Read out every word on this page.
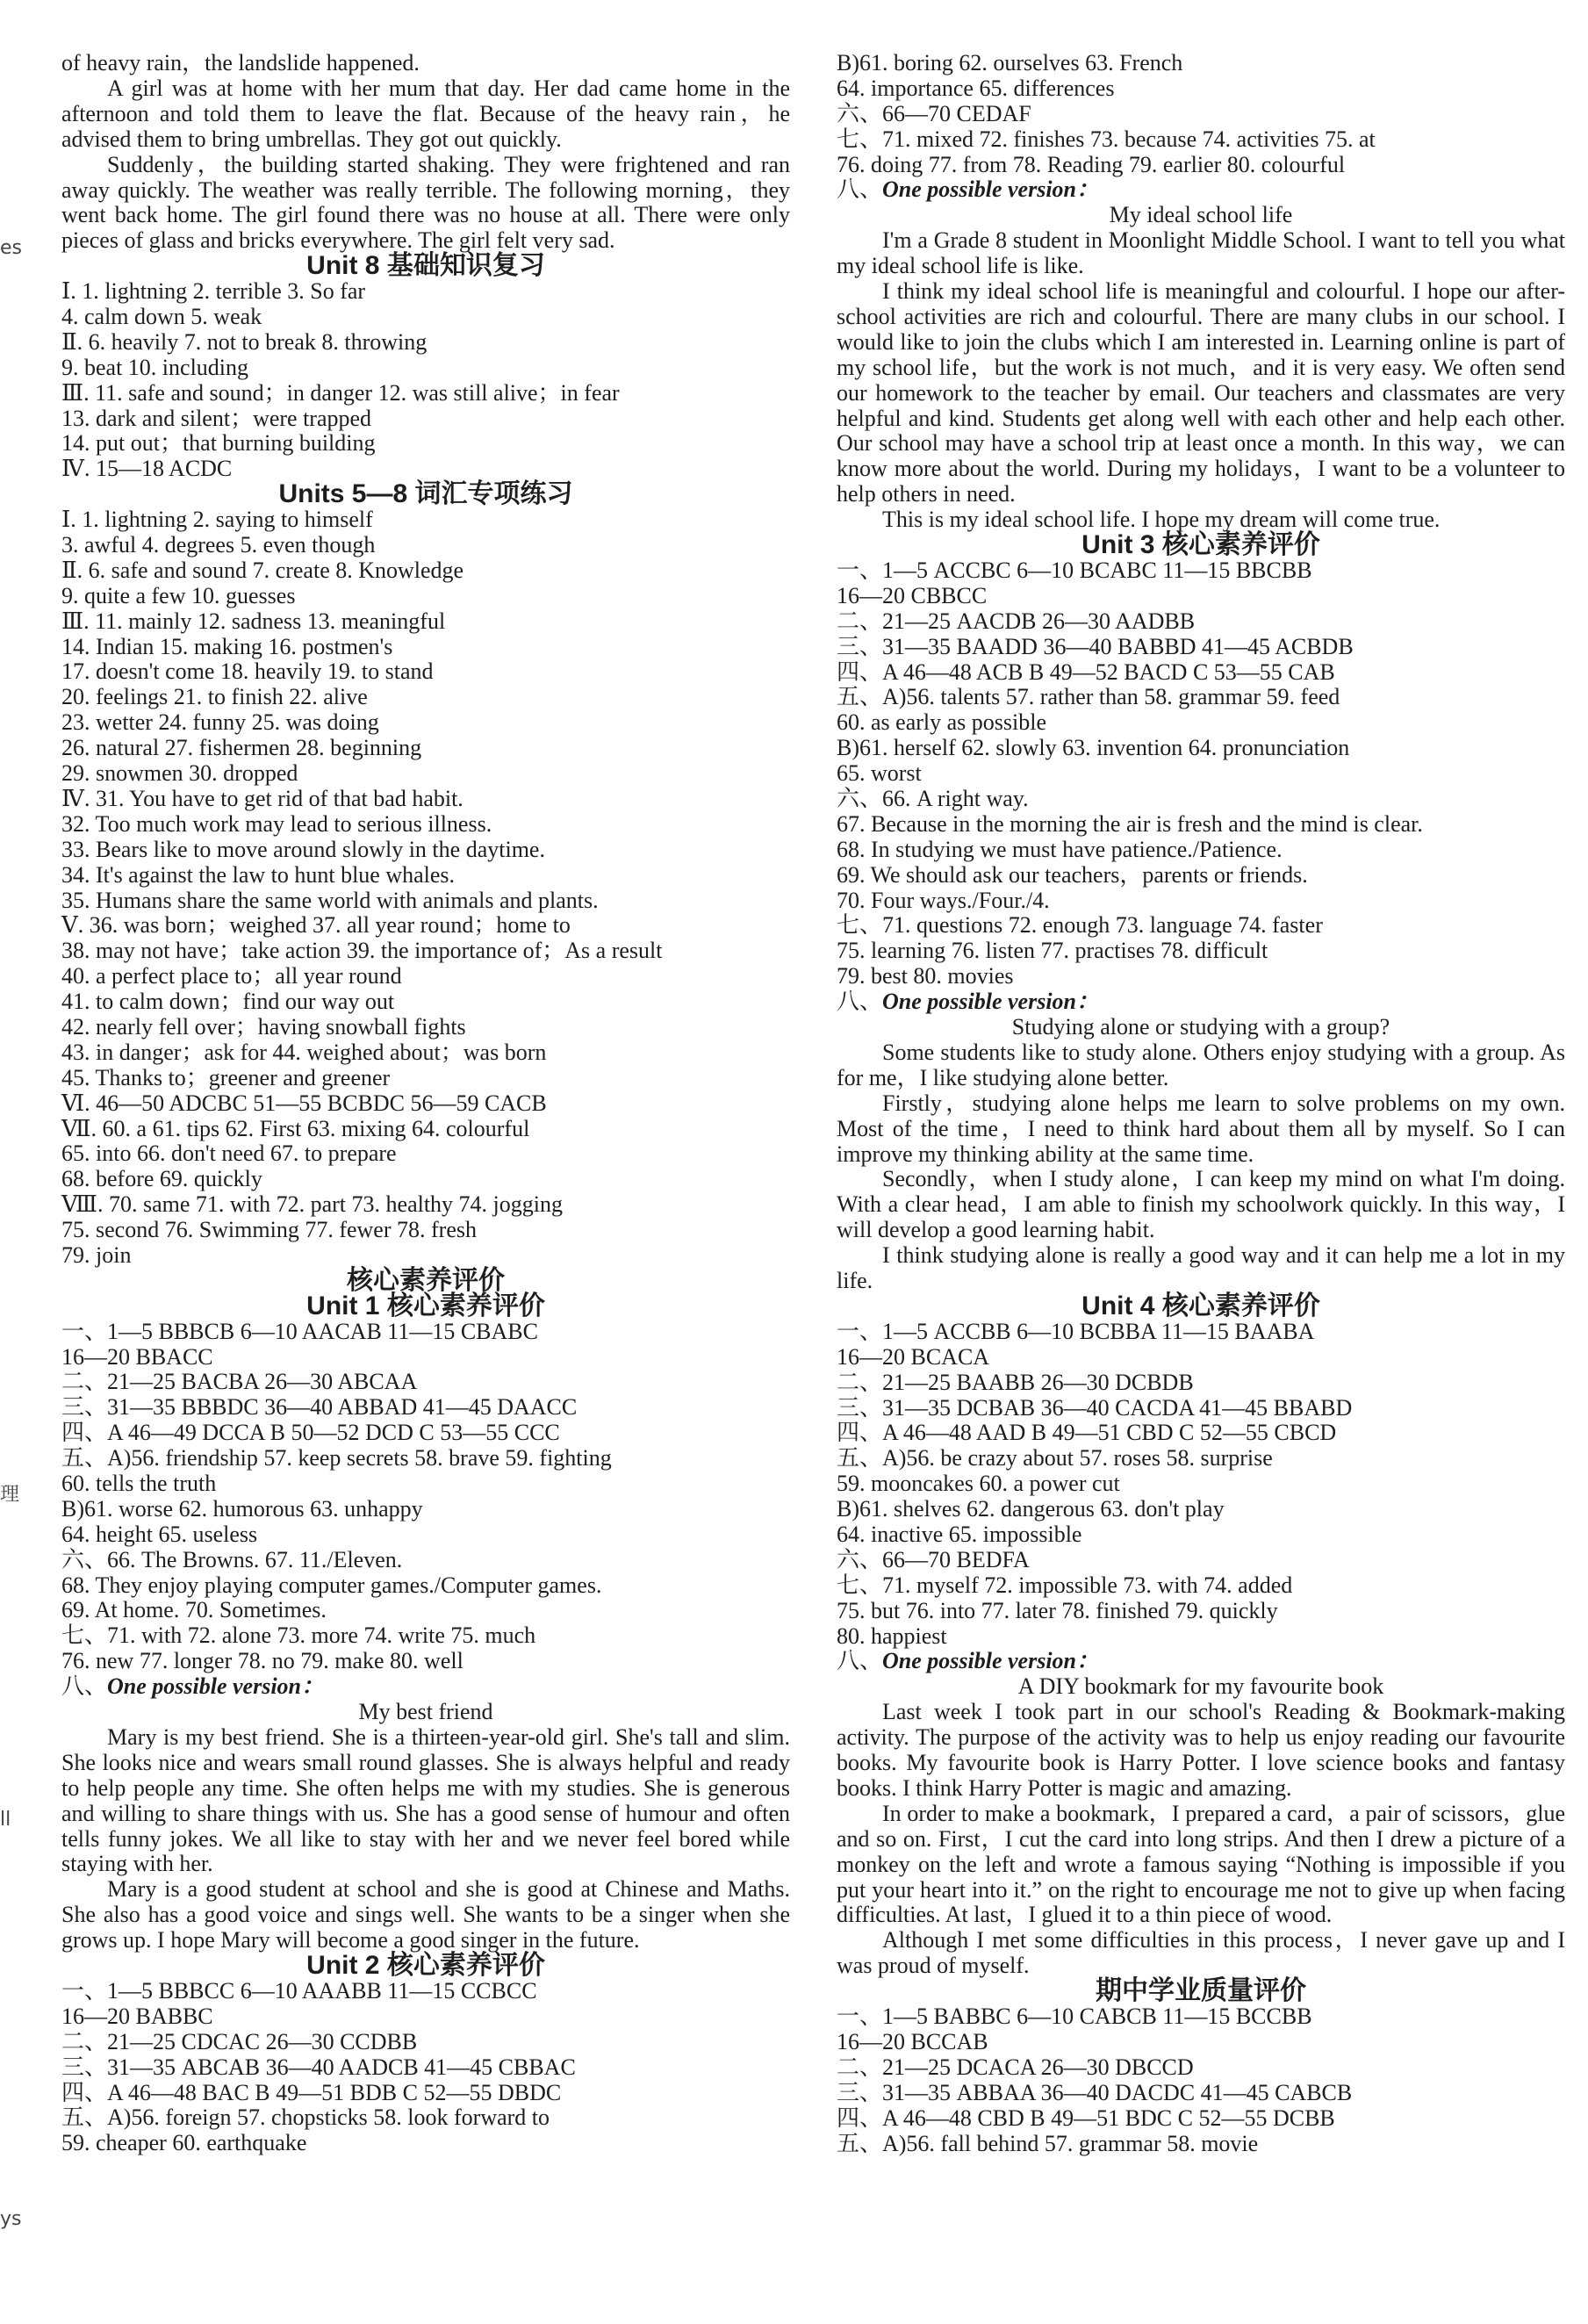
es
理
ll
ys
of heavy rain，the landslide happened.
A girl was at home with her mum that day. Her dad came home in the afternoon and told them to leave the flat. Because of the heavy rain，he advised them to bring umbrellas. They got out quickly.
Suddenly，the building started shaking. They were frightened and ran away quickly. The weather was really terrible. The following morning，they went back home. The girl found there was no house at all. There were only pieces of glass and bricks everywhere. The girl felt very sad.
Unit 8 基础知识复习
Ⅰ. 1. lightning 2. terrible 3. So far
4. calm down 5. weak
Ⅱ. 6. heavily 7. not to break 8. throwing
9. beat 10. including
Ⅲ. 11. safe and sound；in danger 12. was still alive；in fear
13. dark and silent；were trapped
14. put out；that burning building
Ⅳ. 15—18 ACDC
Units 5—8 词汇专项练习
Ⅰ. 1. lightning 2. saying to himself
3. awful 4. degrees 5. even though
Ⅱ. 6. safe and sound 7. create 8. Knowledge
9. quite a few 10. guesses
Ⅲ. 11. mainly 12. sadness 13. meaningful
14. Indian 15. making 16. postmen's
17. doesn't come 18. heavily 19. to stand
20. feelings 21. to finish 22. alive
23. wetter 24. funny 25. was doing
26. natural 27. fishermen 28. beginning
29. snowmen 30. dropped
Ⅳ. 31. You have to get rid of that bad habit.
32. Too much work may lead to serious illness.
33. Bears like to move around slowly in the daytime.
34. It's against the law to hunt blue whales.
35. Humans share the same world with animals and plants.
Ⅴ. 36. was born；weighed 37. all year round；home to
38. may not have；take action 39. the importance of；As a result
40. a perfect place to；all year round
41. to calm down；find our way out
42. nearly fell over；having snowball fights
43. in danger；ask for 44. weighed about；was born
45. Thanks to；greener and greener
Ⅵ. 46—50 ADCBC 51—55 BCBDC 56—59 CACB
Ⅶ. 60. a 61. tips 62. First 63. mixing 64. colourful
65. into 66. don't need 67. to prepare
68. before 69. quickly
Ⅷ. 70. same 71. with 72. part 73. healthy 74. jogging
75. second 76. Swimming 77. fewer 78. fresh
79. join
核心素养评价
Unit 1 核心素养评价
一、1—5 BBBCB 6—10 AACAB 11—15 CBABC
16—20 BBACC
二、21—25 BACBA 26—30 ABCAA
三、31—35 BBBDC 36—40 ABBAD 41—45 DAACC
四、A 46—49 DCCA B 50—52 DCD C 53—55 CCC
五、A)56. friendship 57. keep secrets 58. brave 59. fighting
60. tells the truth
B)61. worse 62. humorous 63. unhappy
64. height 65. useless
六、66. The Browns. 67. 11./Eleven.
68. They enjoy playing computer games./Computer games.
69. At home. 70. Sometimes.
七、71. with 72. alone 73. more 74. write 75. much
76. new 77. longer 78. no 79. make 80. well
八、One possible version：
My best friend
Mary is my best friend. She is a thirteen-year-old girl. She's tall and slim. She looks nice and wears small round glasses. She is always helpful and ready to help people any time. She often helps me with my studies. She is generous and willing to share things with us. She has a good sense of humour and often tells funny jokes. We all like to stay with her and we never feel bored while staying with her.
Mary is a good student at school and she is good at Chinese and Maths. She also has a good voice and sings well. She wants to be a singer when she grows up. I hope Mary will become a good singer in the future.
Unit 2 核心素养评价
一、1—5 BBBCC 6—10 AAABB 11—15 CCBCC
16—20 BABBC
二、21—25 CDCAC 26—30 CCDBB
三、31—35 ABCAB 36—40 AADCB 41—45 CBBAC
四、A 46—48 BAC B 49—51 BDB C 52—55 DBDC
五、A)56. foreign 57. chopsticks 58. look forward to
59. cheaper 60. earthquake
B)61. boring 62. ourselves 63. French
64. importance 65. differences
六、66—70 CEDAF
七、71. mixed 72. finishes 73. because 74. activities 75. at
76. doing 77. from 78. Reading 79. earlier 80. colourful
八、One possible version：
My ideal school life
I'm a Grade 8 student in Moonlight Middle School. I want to tell you what my ideal school life is like.
I think my ideal school life is meaningful and colourful. I hope our after-school activities are rich and colourful. There are many clubs in our school. I would like to join the clubs which I am interested in. Learning online is part of my school life，but the work is not much，and it is very easy. We often send our homework to the teacher by email. Our teachers and classmates are very helpful and kind. Students get along well with each other and help each other. Our school may have a school trip at least once a month. In this way，we can know more about the world. During my holidays，I want to be a volunteer to help others in need.
This is my ideal school life. I hope my dream will come true.
Unit 3 核心素养评价
一、1—5 ACCBC 6—10 BCABC 11—15 BBCBB
16—20 CBBCC
二、21—25 AACDB 26—30 AADBB
三、31—35 BAADD 36—40 BABBD 41—45 ACBDB
四、A 46—48 ACB B 49—52 BACD C 53—55 CAB
五、A)56. talents 57. rather than 58. grammar 59. feed
60. as early as possible
B)61. herself 62. slowly 63. invention 64. pronunciation
65. worst
六、66. A right way.
67. Because in the morning the air is fresh and the mind is clear.
68. In studying we must have patience./Patience.
69. We should ask our teachers，parents or friends.
70. Four ways./Four./4.
七、71. questions 72. enough 73. language 74. faster
75. learning 76. listen 77. practises 78. difficult
79. best 80. movies
八、One possible version：
Studying alone or studying with a group?
Some students like to study alone. Others enjoy studying with a group. As for me，I like studying alone better.
Firstly，studying alone helps me learn to solve problems on my own. Most of the time，I need to think hard about them all by myself. So I can improve my thinking ability at the same time.
Secondly，when I study alone，I can keep my mind on what I'm doing. With a clear head，I am able to finish my schoolwork quickly. In this way，I will develop a good learning habit.
I think studying alone is really a good way and it can help me a lot in my life.
Unit 4 核心素养评价
一、1—5 ACCBB 6—10 BCBBA 11—15 BAABA
16—20 BCACA
二、21—25 BAABB 26—30 DCBDB
三、31—35 DCBAB 36—40 CACDA 41—45 BBABD
四、A 46—48 AAD B 49—51 CBD C 52—55 CBCD
五、A)56. be crazy about 57. roses 58. surprise
59. mooncakes 60. a power cut
B)61. shelves 62. dangerous 63. don't play
64. inactive 65. impossible
六、66—70 BEDFA
七、71. myself 72. impossible 73. with 74. added
75. but 76. into 77. later 78. finished 79. quickly
80. happiest
八、One possible version：
A DIY bookmark for my favourite book
Last week I took part in our school's Reading & Bookmark-making activity. The purpose of the activity was to help us enjoy reading our favourite books. My favourite book is Harry Potter. I love science books and fantasy books. I think Harry Potter is magic and amazing.
In order to make a bookmark，I prepared a card，a pair of scissors，glue and so on. First，I cut the card into long strips. And then I drew a picture of a monkey on the left and wrote a famous saying “Nothing is impossible if you put your heart into it.” on the right to encourage me not to give up when facing difficulties. At last，I glued it to a thin piece of wood.
Although I met some difficulties in this process，I never gave up and I was proud of myself.
期中学业质量评价
一、1—5 BABBC 6—10 CABCB 11—15 BCCBB
16—20 BCCAB
二、21—25 DCACA 26—30 DBCCD
三、31—35 ABBAA 36—40 DACDC 41—45 CABCB
四、A 46—48 CBD B 49—51 BDC C 52—55 DCBB
五、A)56. fall behind 57. grammar 58. movie
